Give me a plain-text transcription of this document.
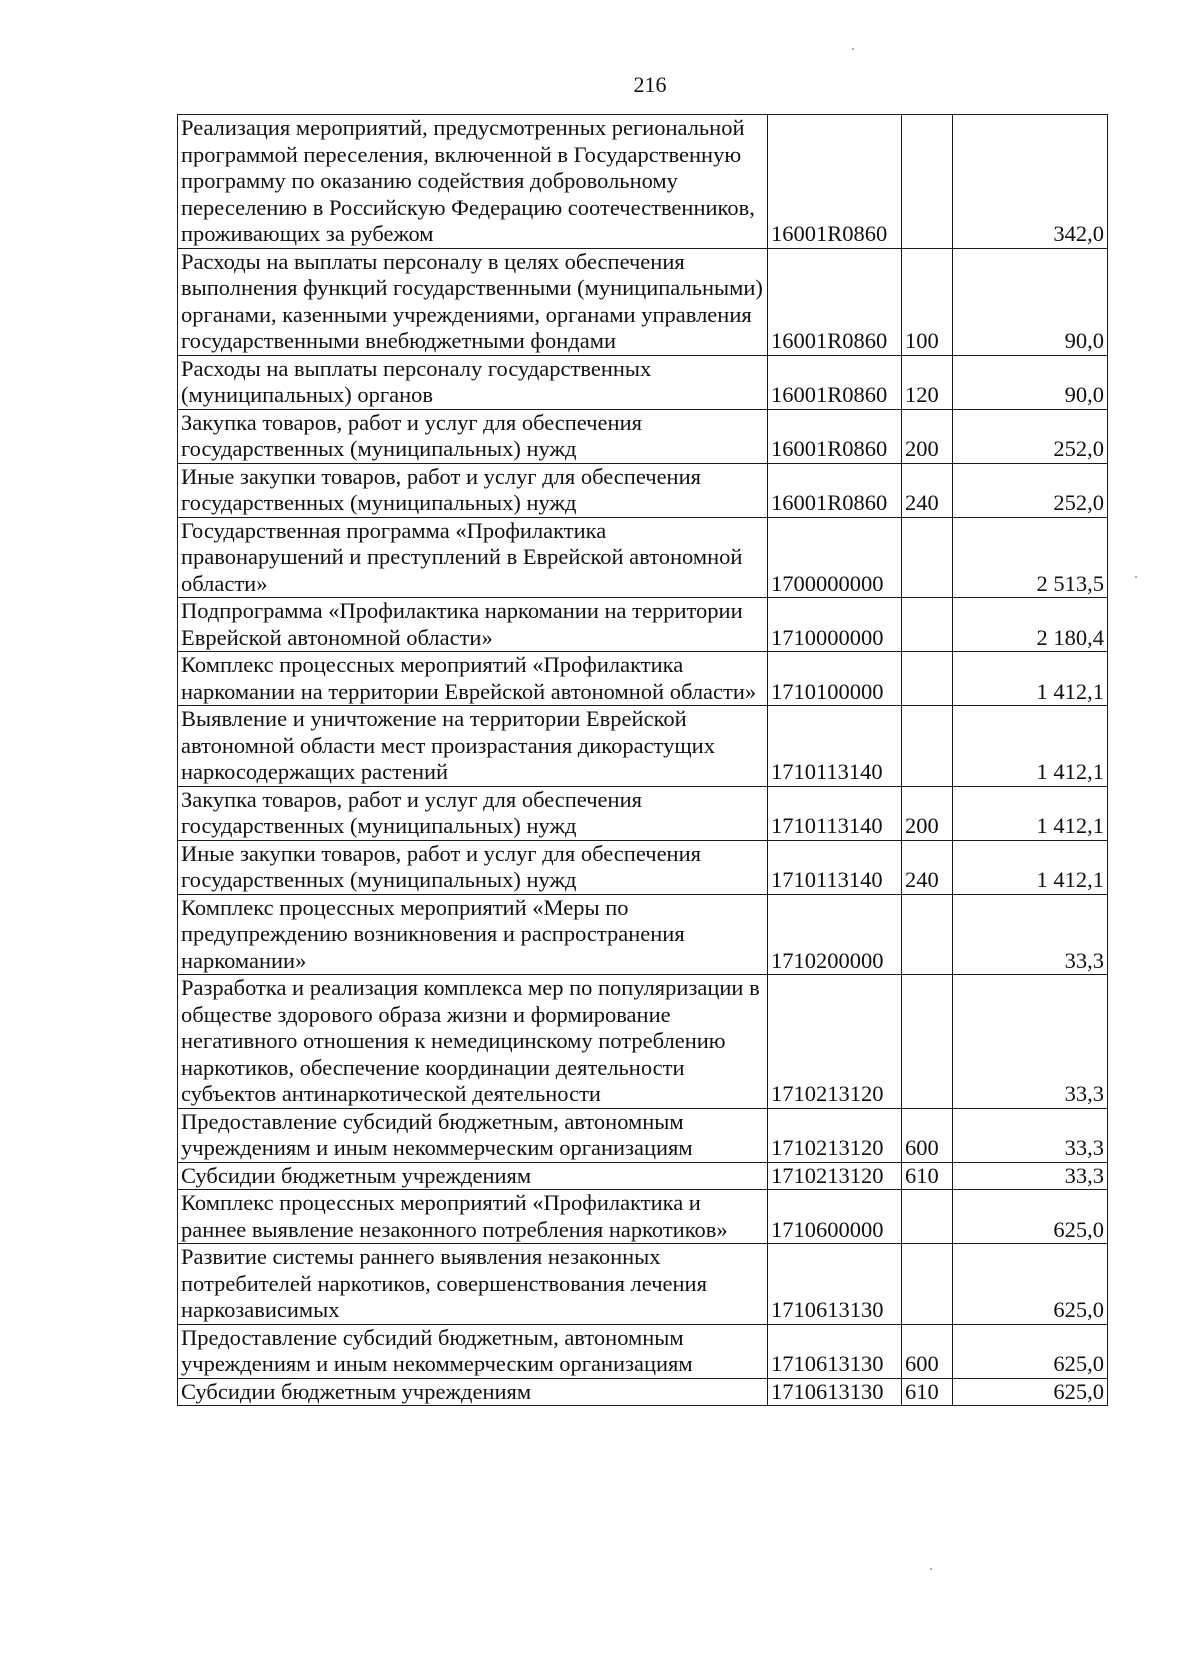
216
Реализация мероприятий, предусмотренных региональной программой переселения, включенной в Государственную программу по оказанию содействия добровольному переселению в Российскую Федерацию соотечественников, проживающих за рубежом	16001R0860		342,0
Расходы на выплаты персоналу в целях обеспечения выполнения функций государственными (муниципальными) органами, казенными учреждениями, органами управления государственными внебюджетными фондами	16001R0860	100	90,0
Расходы на выплаты персоналу государственных (муниципальных) органов	16001R0860	120	90,0
Закупка товаров, работ и услуг для обеспечения государственных (муниципальных) нужд	16001R0860	200	252,0
Иные закупки товаров, работ и услуг для обеспечения государственных (муниципальных) нужд	16001R0860	240	252,0
Государственная программа «Профилактика правонарушений и преступлений в Еврейской автономной области»	1700000000		2 513,5
Подпрограмма «Профилактика наркомании на территории Еврейской автономной области»	1710000000		2 180,4
Комплекс процессных мероприятий «Профилактика наркомании на территории Еврейской автономной области»	1710100000		1 412,1
Выявление и уничтожение на территории Еврейской автономной области мест произрастания дикорастущих наркосодержащих растений	1710113140		1 412,1
Закупка товаров, работ и услуг для обеспечения государственных (муниципальных) нужд	1710113140	200	1 412,1
Иные закупки товаров, работ и услуг для обеспечения государственных (муниципальных) нужд	1710113140	240	1 412,1
Комплекс процессных мероприятий «Меры по предупреждению возникновения и распространения наркомании»	1710200000		33,3
Разработка и реализация комплекса мер по популяризации в обществе здорового образа жизни и формирование негативного отношения к немедицинскому потреблению наркотиков, обеспечение координации деятельности субъектов антинаркотической деятельности	1710213120		33,3
Предоставление субсидий бюджетным, автономным учреждениям и иным некоммерческим организациям	1710213120	600	33,3
Субсидии бюджетным учреждениям	1710213120	610	33,3
Комплекс процессных мероприятий «Профилактика и раннее выявление незаконного потребления наркотиков»	1710600000		625,0
Развитие системы раннего выявления незаконных потребителей наркотиков, совершенствования лечения наркозависимых	1710613130		625,0
Предоставление субсидий бюджетным, автономным учреждениям и иным некоммерческим организациям	1710613130	600	625,0
Субсидии бюджетным учреждениям	1710613130	610	625,0
